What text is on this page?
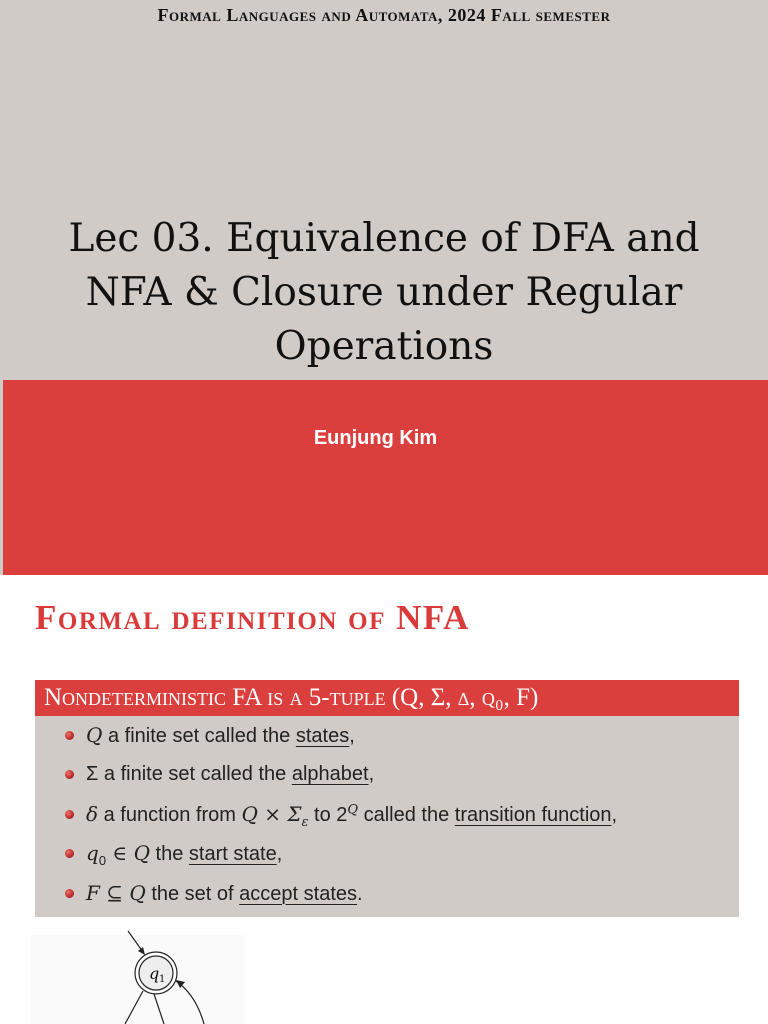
Formal Languages and Automata, 2024 Fall semester
Lec 03. Equivalence of DFA and NFA & Closure under Regular Operations
Eunjung Kim
Formal definition of NFA
Nondeterministic FA is a 5-tuple (Q, Σ, δ, q₀, F)
Q a finite set called the states,
Σ a finite set called the alphabet,
δ a function from $Q \times \Sigma_\varepsilon$ to $2^Q$ called the transition function,
$q_0$ ∈ Q the start state,
F ⊆ Q the set of accept states.
q 1
